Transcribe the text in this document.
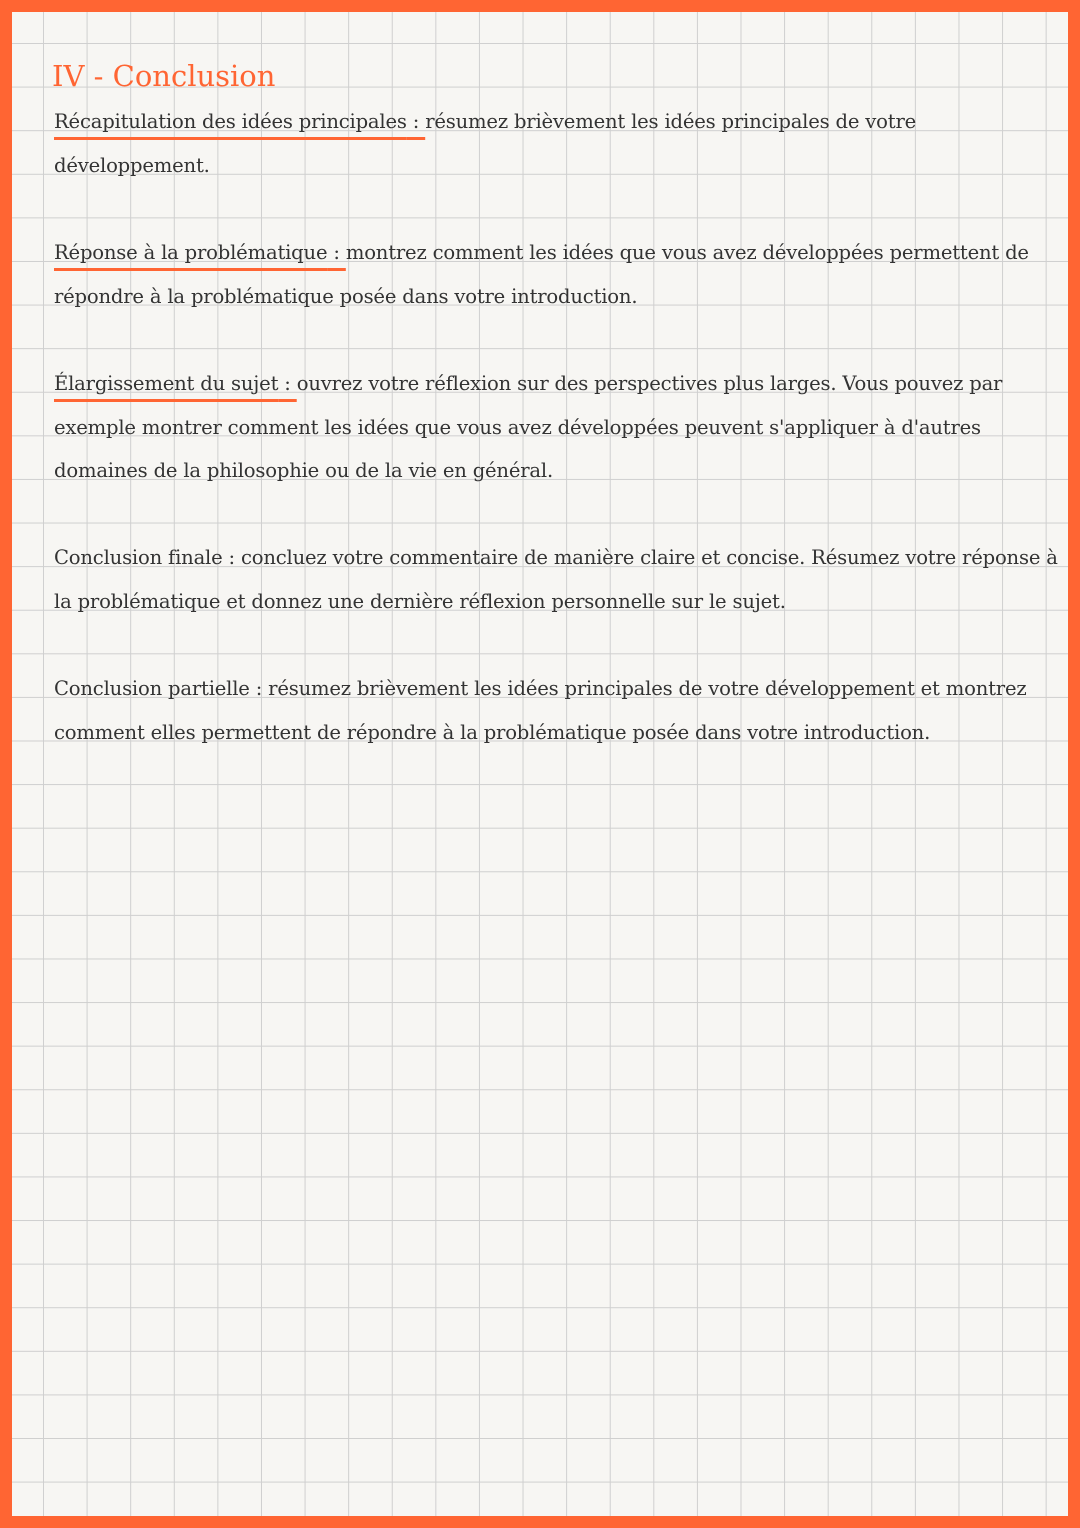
IV - Conclusion

Récapitulation des idées principales : résumez brièvement les idées principales de votre développement.

Réponse à la problématique : montrez comment les idées que vous avez développées permettent de répondre à la problématique posée dans votre introduction.

Élargissement du sujet : ouvrez votre réflexion sur des perspectives plus larges. Vous pouvez par exemple montrer comment les idées que vous avez développées peuvent s'appliquer à d'autres domaines de la philosophie ou de la vie en général.

Conclusion finale : concluez votre commentaire de manière claire et concise. Résumez votre réponse à la problématique et donnez une dernière réflexion personnelle sur le sujet.

Conclusion partielle : résumez brièvement les idées principales de votre développement et montrez comment elles permettent de répondre à la problématique posée dans votre introduction.
